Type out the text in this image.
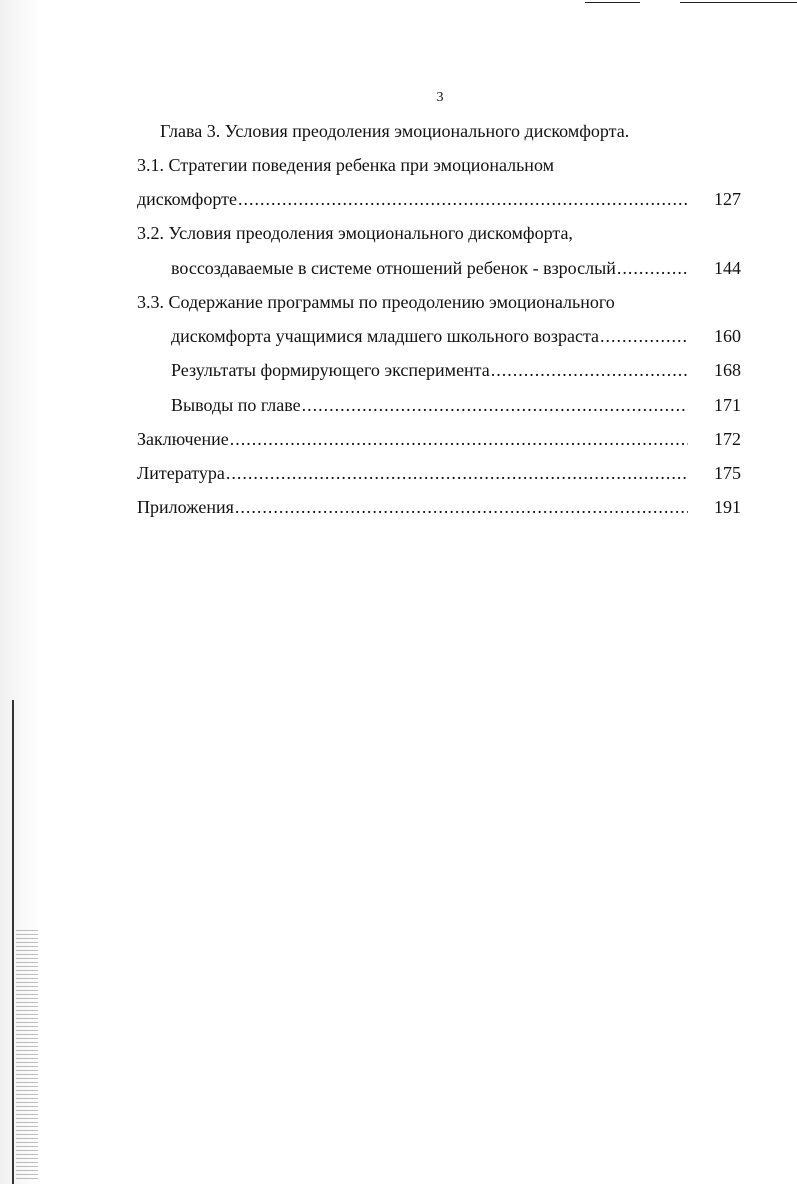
3
Глава 3. Условия преодоления эмоционального дискомфорта.
3.1. Стратегии поведения ребенка при эмоциональном
дискомфорте .....	127
3.2. Условия преодоления эмоционального дискомфорта,
воссоздаваемые в системе отношений ребенок - взрослый .....	144
3.3. Содержание программы по преодолению эмоционального
дискомфорта учащимися младшего школьного возраста .....	160
Результаты формирующего эксперимента .....	168
Выводы по главе .....	171
Заключение .....	172
Литература .....	175
Приложения .....	191
